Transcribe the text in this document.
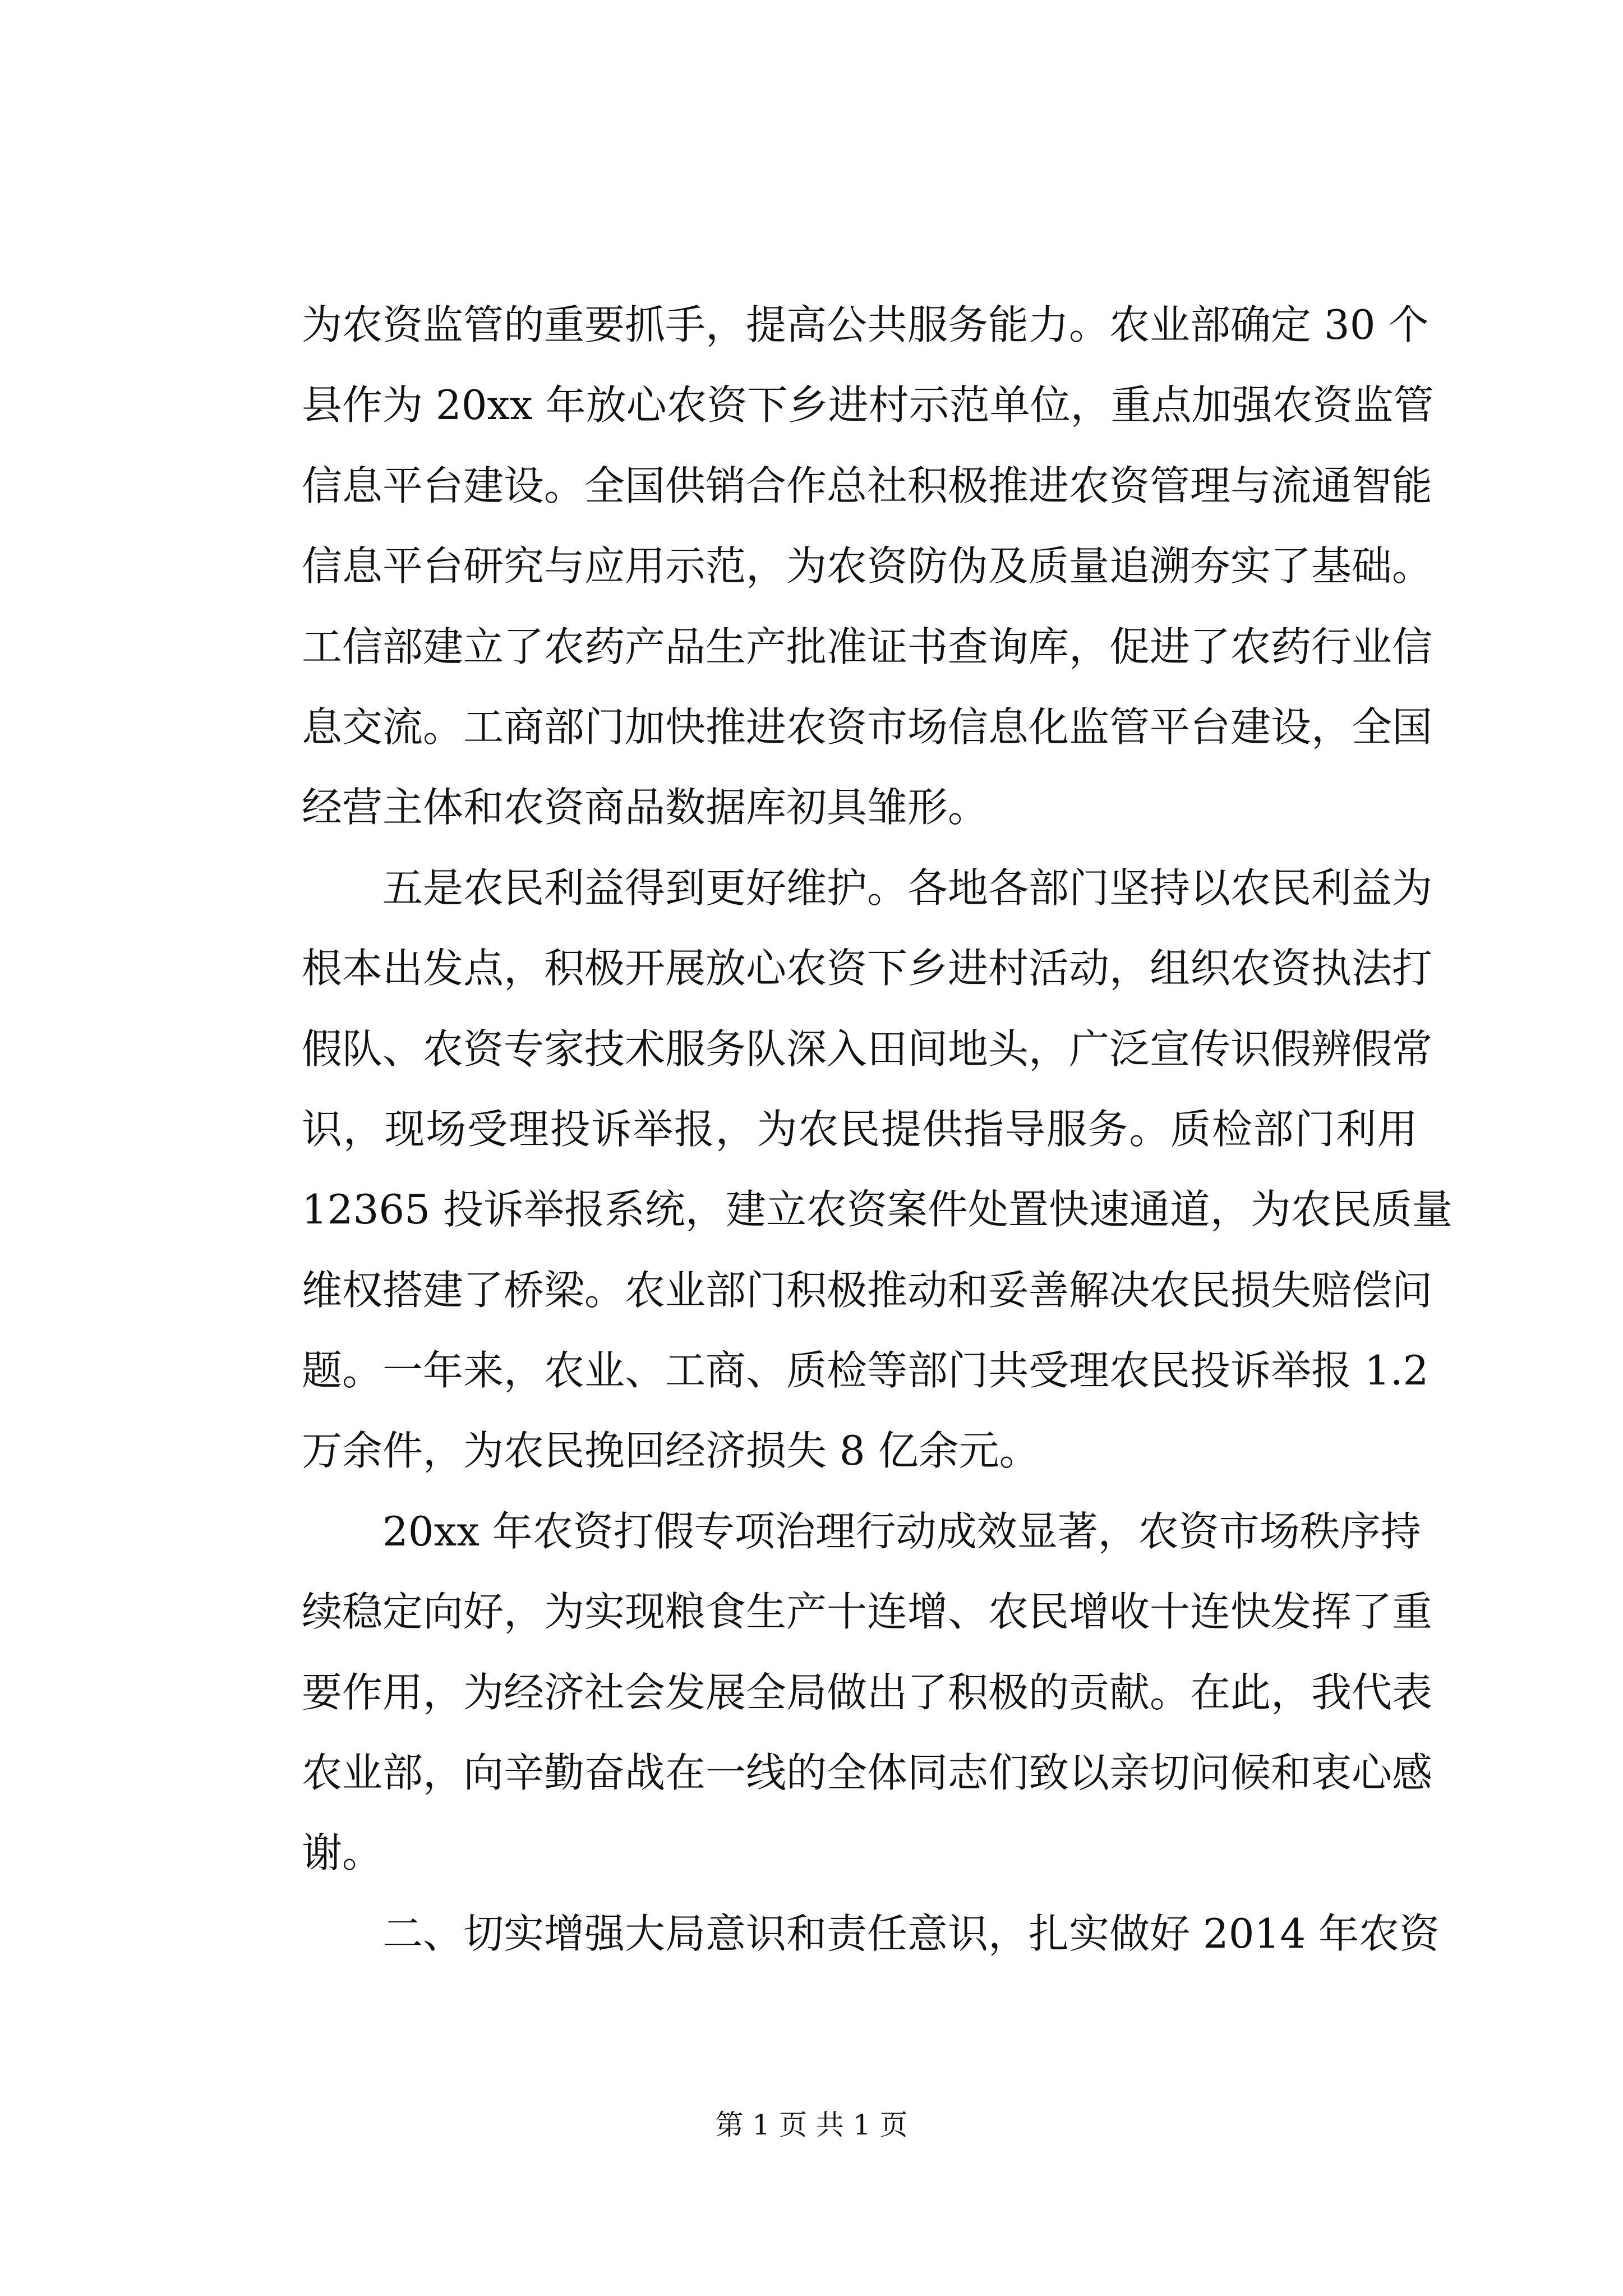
为农资监管的重要抓手，提高公共服务能力。农业部确定 30 个
县作为 20xx 年放心农资下乡进村示范单位，重点加强农资监管
信息平台建设。全国供销合作总社积极推进农资管理与流通智能
信息平台研究与应用示范，为农资防伪及质量追溯夯实了基础。
工信部建立了农药产品生产批准证书查询库，促进了农药行业信
息交流。工商部门加快推进农资市场信息化监管平台建设，全国
经营主体和农资商品数据库初具雏形。
五是农民利益得到更好维护。各地各部门坚持以农民利益为
根本出发点，积极开展放心农资下乡进村活动，组织农资执法打
假队、农资专家技术服务队深入田间地头，广泛宣传识假辨假常
识，现场受理投诉举报，为农民提供指导服务。质检部门利用
12365 投诉举报系统，建立农资案件处置快速通道，为农民质量
维权搭建了桥梁。农业部门积极推动和妥善解决农民损失赔偿问
题。一年来，农业、工商、质检等部门共受理农民投诉举报 1.2
万余件，为农民挽回经济损失 8 亿余元。
20xx 年农资打假专项治理行动成效显著，农资市场秩序持
续稳定向好，为实现粮食生产十连增、农民增收十连快发挥了重
要作用，为经济社会发展全局做出了积极的贡献。在此，我代表
农业部，向辛勤奋战在一线的全体同志们致以亲切问候和衷心感
谢。
二、切实增强大局意识和责任意识，扎实做好 2014 年农资
第 1 页 共 1 页
